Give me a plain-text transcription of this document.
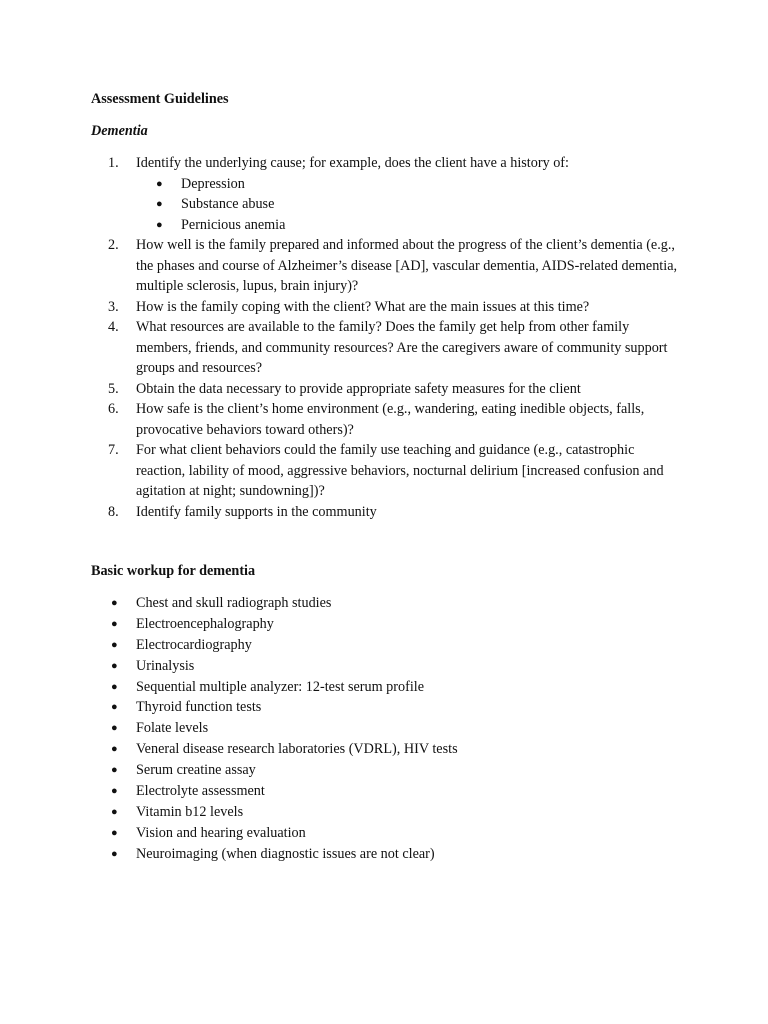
Assessment Guidelines
Dementia
1.	Identify the underlying cause; for example, does the client have a history of:
● Depression
● Substance abuse
● Pernicious anemia
2.	How well is the family prepared and informed about the progress of the client’s dementia (e.g., the phases and course of Alzheimer’s disease [AD], vascular dementia, AIDS-related dementia, multiple sclerosis, lupus, brain injury)?
3.	How is the family coping with the client? What are the main issues at this time?
4.	What resources are available to the family? Does the family get help from other family members, friends, and community resources? Are the caregivers aware of community support groups and resources?
5.	Obtain the data necessary to provide appropriate safety measures for the client
6.	How safe is the client’s home environment (e.g., wandering, eating inedible objects, falls, provocative behaviors toward others)?
7.	For what client behaviors could the family use teaching and guidance (e.g., catastrophic reaction, lability of mood, aggressive behaviors, nocturnal delirium [increased confusion and agitation at night; sundowning])?
8.	Identify family supports in the community
Basic workup for dementia
● Chest and skull radiograph studies
● Electroencephalography
● Electrocardiography
● Urinalysis
● Sequential multiple analyzer: 12-test serum profile
● Thyroid function tests
● Folate levels
● Veneral disease research laboratories (VDRL), HIV tests
● Serum creatine assay
● Electrolyte assessment
● Vitamin b12 levels
● Vision and hearing evaluation
● Neuroimaging (when diagnostic issues are not clear)
